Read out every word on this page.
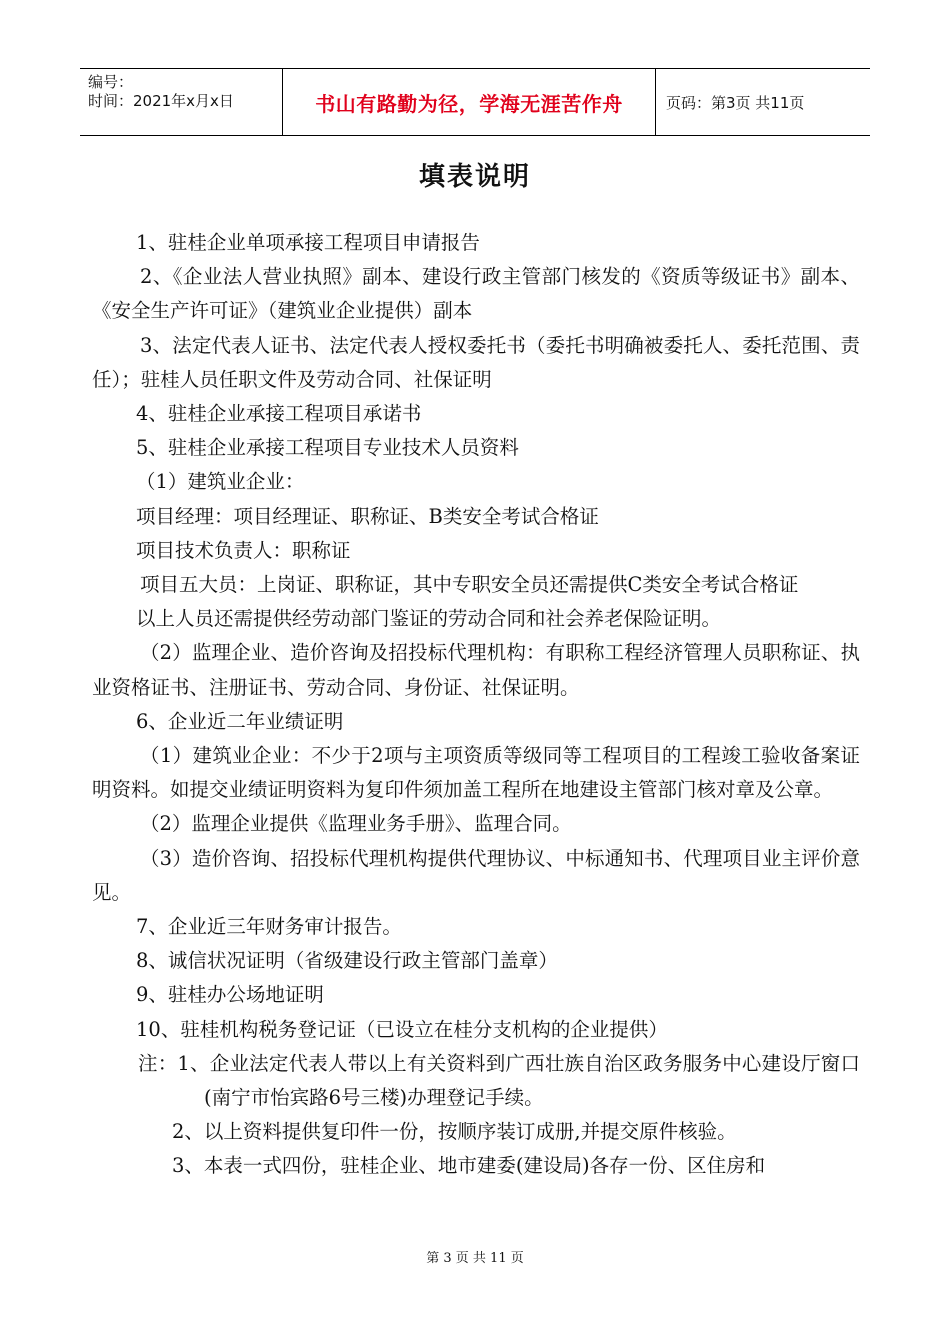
编号：
时间：2021年x月x日	书山有路勤为径，学海无涯苦作舟	页码：第3页 共11页
填表说明

1、驻桂企业单项承接工程项目申请报告

2、《企业法人营业执照》副本、建设行政主管部门核发的《资质等级证书》副本、《安全生产许可证》（建筑业企业提供）副本

3、法定代表人证书、法定代表人授权委托书（委托书明确被委托人、委托范围、责任）；驻桂人员任职文件及劳动合同、社保证明

4、驻桂企业承接工程项目承诺书

5、驻桂企业承接工程项目专业技术人员资料

（1）建筑业企业：

项目经理：项目经理证、职称证、B类安全考试合格证

项目技术负责人：职称证

项目五大员：上岗证、职称证，其中专职安全员还需提供C类安全考试合格证

以上人员还需提供经劳动部门鉴证的劳动合同和社会养老保险证明。

（2）监理企业、造价咨询及招投标代理机构：有职称工程经济管理人员职称证、执业资格证书、注册证书、劳动合同、身份证、社保证明。

6、企业近二年业绩证明

（1）建筑业企业：不少于2项与主项资质等级同等工程项目的工程竣工验收备案证明资料。如提交业绩证明资料为复印件须加盖工程所在地建设主管部门核对章及公章。

（2）监理企业提供《监理业务手册》、监理合同。

（3）造价咨询、招投标代理机构提供代理协议、中标通知书、代理项目业主评价意见。

7、企业近三年财务审计报告。

8、诚信状况证明（省级建设行政主管部门盖章）

9、驻桂办公场地证明

10、驻桂机构税务登记证（已设立在桂分支机构的企业提供）

注：1、企业法定代表人带以上有关资料到广西壮族自治区政务服务中心建设厅窗口(南宁市怡宾路6号三楼)办理登记手续。

2、以上资料提供复印件一份，按顺序装订成册,并提交原件核验。

3、本表一式四份，驻桂企业、地市建委(建设局)各存一份、区住房和

第 3 页 共 11 页
